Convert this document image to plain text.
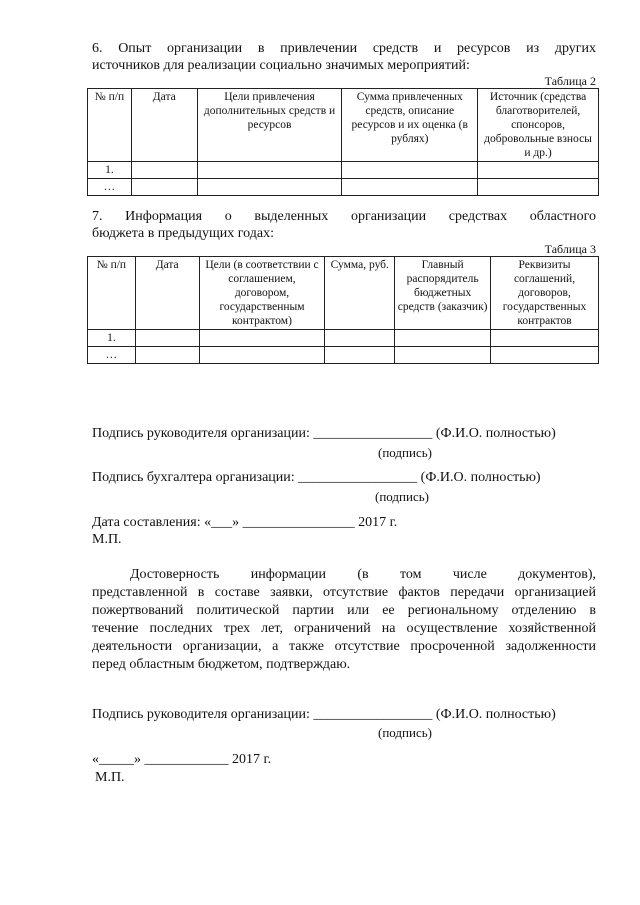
6. Опыт организации в привлечении средств и ресурсов из других
источников для реализации социально значимых мероприятий:
Таблица 2
№ п/п	Дата	Цели привлечения дополнительных средств и ресурсов	Сумма привлеченных средств, описание ресурсов и их оценка (в рублях)	Источник (средства благотворителей, спонсоров, добровольные взносы и др.)
1.				
…				
7. Информация о выделенных организации средствах областного
бюджета в предыдущих годах:
Таблица 3
№ п/п	Дата	Цели (в соответствии с соглашением, договором, государственным контрактом)	Сумма, руб.	Главный распорядитель бюджетных средств (заказчик)	Реквизиты соглашений, договоров, государственных контрактов
1.					
…					
Подпись руководителя организации: _________________ (Ф.И.О. полностью)
(подпись)
Подпись бухгалтера организации: _________________ (Ф.И.О. полностью)
(подпись)
Дата составления: «___» ________________ 2017 г.
М.П.
Достоверность информации (в том числе документов),
представленной в составе заявки, отсутствие фактов передачи организацией
пожертвований политической партии или ее региональному отделению в
течение последних трех лет, ограничений на осуществление хозяйственной
деятельности организации, а также отсутствие просроченной задолженности
перед областным бюджетом, подтверждаю.
Подпись руководителя организации: _________________ (Ф.И.О. полностью)
(подпись)
«_____» ____________ 2017 г.
М.П.
